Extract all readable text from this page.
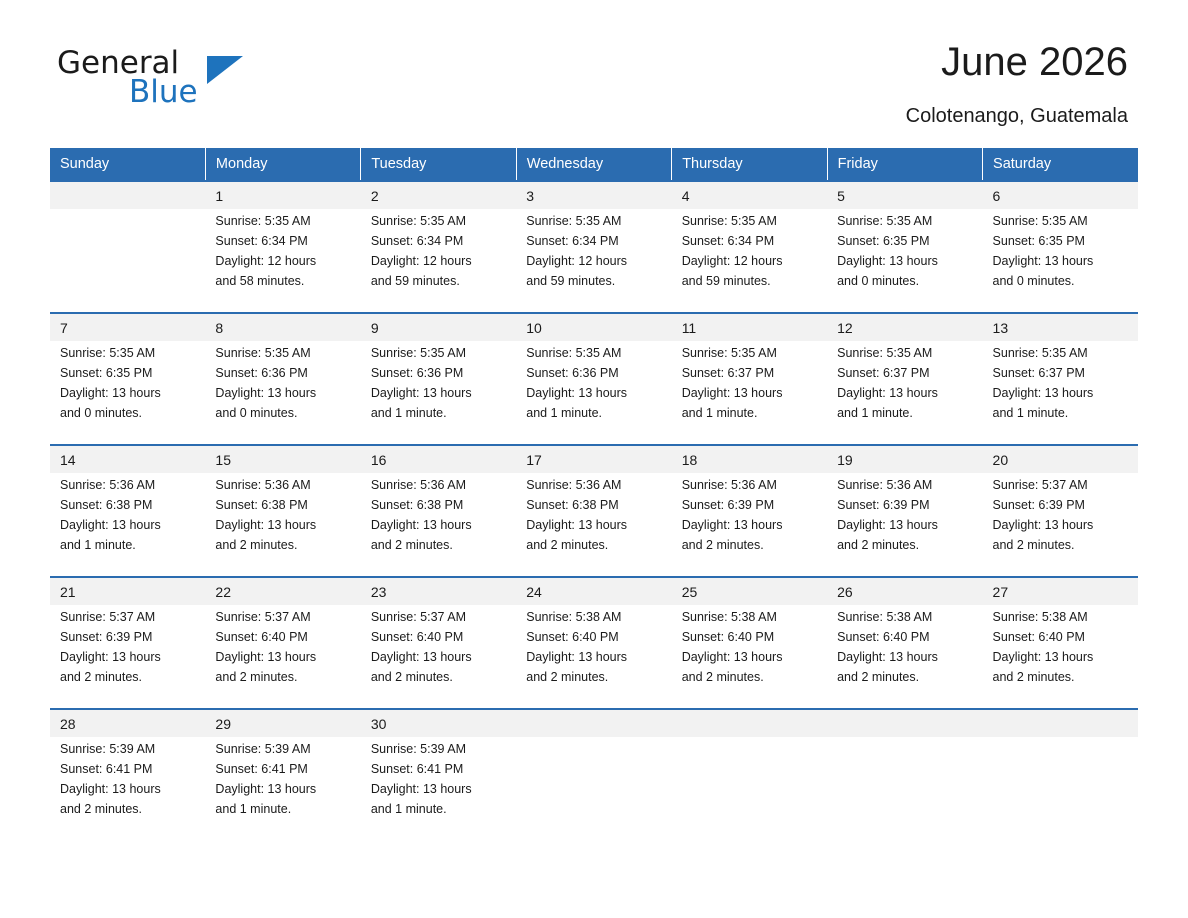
General
Blue
June 2026
Colotenango, Guatemala
Sunday	Monday	Tuesday	Wednesday	Thursday	Friday	Saturday
	1	2	3	4	5	6

	Sunrise: 5:35 AM
Sunset: 6:34 PM
Daylight: 12 hours
and 58 minutes.	Sunrise: 5:35 AM
Sunset: 6:34 PM
Daylight: 12 hours
and 59 minutes.	Sunrise: 5:35 AM
Sunset: 6:34 PM
Daylight: 12 hours
and 59 minutes.	Sunrise: 5:35 AM
Sunset: 6:34 PM
Daylight: 12 hours
and 59 minutes.	Sunrise: 5:35 AM
Sunset: 6:35 PM
Daylight: 13 hours
and 0 minutes.	Sunrise: 5:35 AM
Sunset: 6:35 PM
Daylight: 13 hours
and 0 minutes.

7	8	9	10	11	12	13

Sunrise: 5:35 AM
Sunset: 6:35 PM
Daylight: 13 hours
and 0 minutes.	Sunrise: 5:35 AM
Sunset: 6:36 PM
Daylight: 13 hours
and 0 minutes.	Sunrise: 5:35 AM
Sunset: 6:36 PM
Daylight: 13 hours
and 1 minute.	Sunrise: 5:35 AM
Sunset: 6:36 PM
Daylight: 13 hours
and 1 minute.	Sunrise: 5:35 AM
Sunset: 6:37 PM
Daylight: 13 hours
and 1 minute.	Sunrise: 5:35 AM
Sunset: 6:37 PM
Daylight: 13 hours
and 1 minute.	Sunrise: 5:35 AM
Sunset: 6:37 PM
Daylight: 13 hours
and 1 minute.

14	15	16	17	18	19	20

Sunrise: 5:36 AM
Sunset: 6:38 PM
Daylight: 13 hours
and 1 minute.	Sunrise: 5:36 AM
Sunset: 6:38 PM
Daylight: 13 hours
and 2 minutes.	Sunrise: 5:36 AM
Sunset: 6:38 PM
Daylight: 13 hours
and 2 minutes.	Sunrise: 5:36 AM
Sunset: 6:38 PM
Daylight: 13 hours
and 2 minutes.	Sunrise: 5:36 AM
Sunset: 6:39 PM
Daylight: 13 hours
and 2 minutes.	Sunrise: 5:36 AM
Sunset: 6:39 PM
Daylight: 13 hours
and 2 minutes.	Sunrise: 5:37 AM
Sunset: 6:39 PM
Daylight: 13 hours
and 2 minutes.

21	22	23	24	25	26	27

Sunrise: 5:37 AM
Sunset: 6:39 PM
Daylight: 13 hours
and 2 minutes.	Sunrise: 5:37 AM
Sunset: 6:40 PM
Daylight: 13 hours
and 2 minutes.	Sunrise: 5:37 AM
Sunset: 6:40 PM
Daylight: 13 hours
and 2 minutes.	Sunrise: 5:38 AM
Sunset: 6:40 PM
Daylight: 13 hours
and 2 minutes.	Sunrise: 5:38 AM
Sunset: 6:40 PM
Daylight: 13 hours
and 2 minutes.	Sunrise: 5:38 AM
Sunset: 6:40 PM
Daylight: 13 hours
and 2 minutes.	Sunrise: 5:38 AM
Sunset: 6:40 PM
Daylight: 13 hours
and 2 minutes.

28	29	30				

Sunrise: 5:39 AM
Sunset: 6:41 PM
Daylight: 13 hours
and 2 minutes.	Sunrise: 5:39 AM
Sunset: 6:41 PM
Daylight: 13 hours
and 1 minute.	Sunrise: 5:39 AM
Sunset: 6:41 PM
Daylight: 13 hours
and 1 minute.				
